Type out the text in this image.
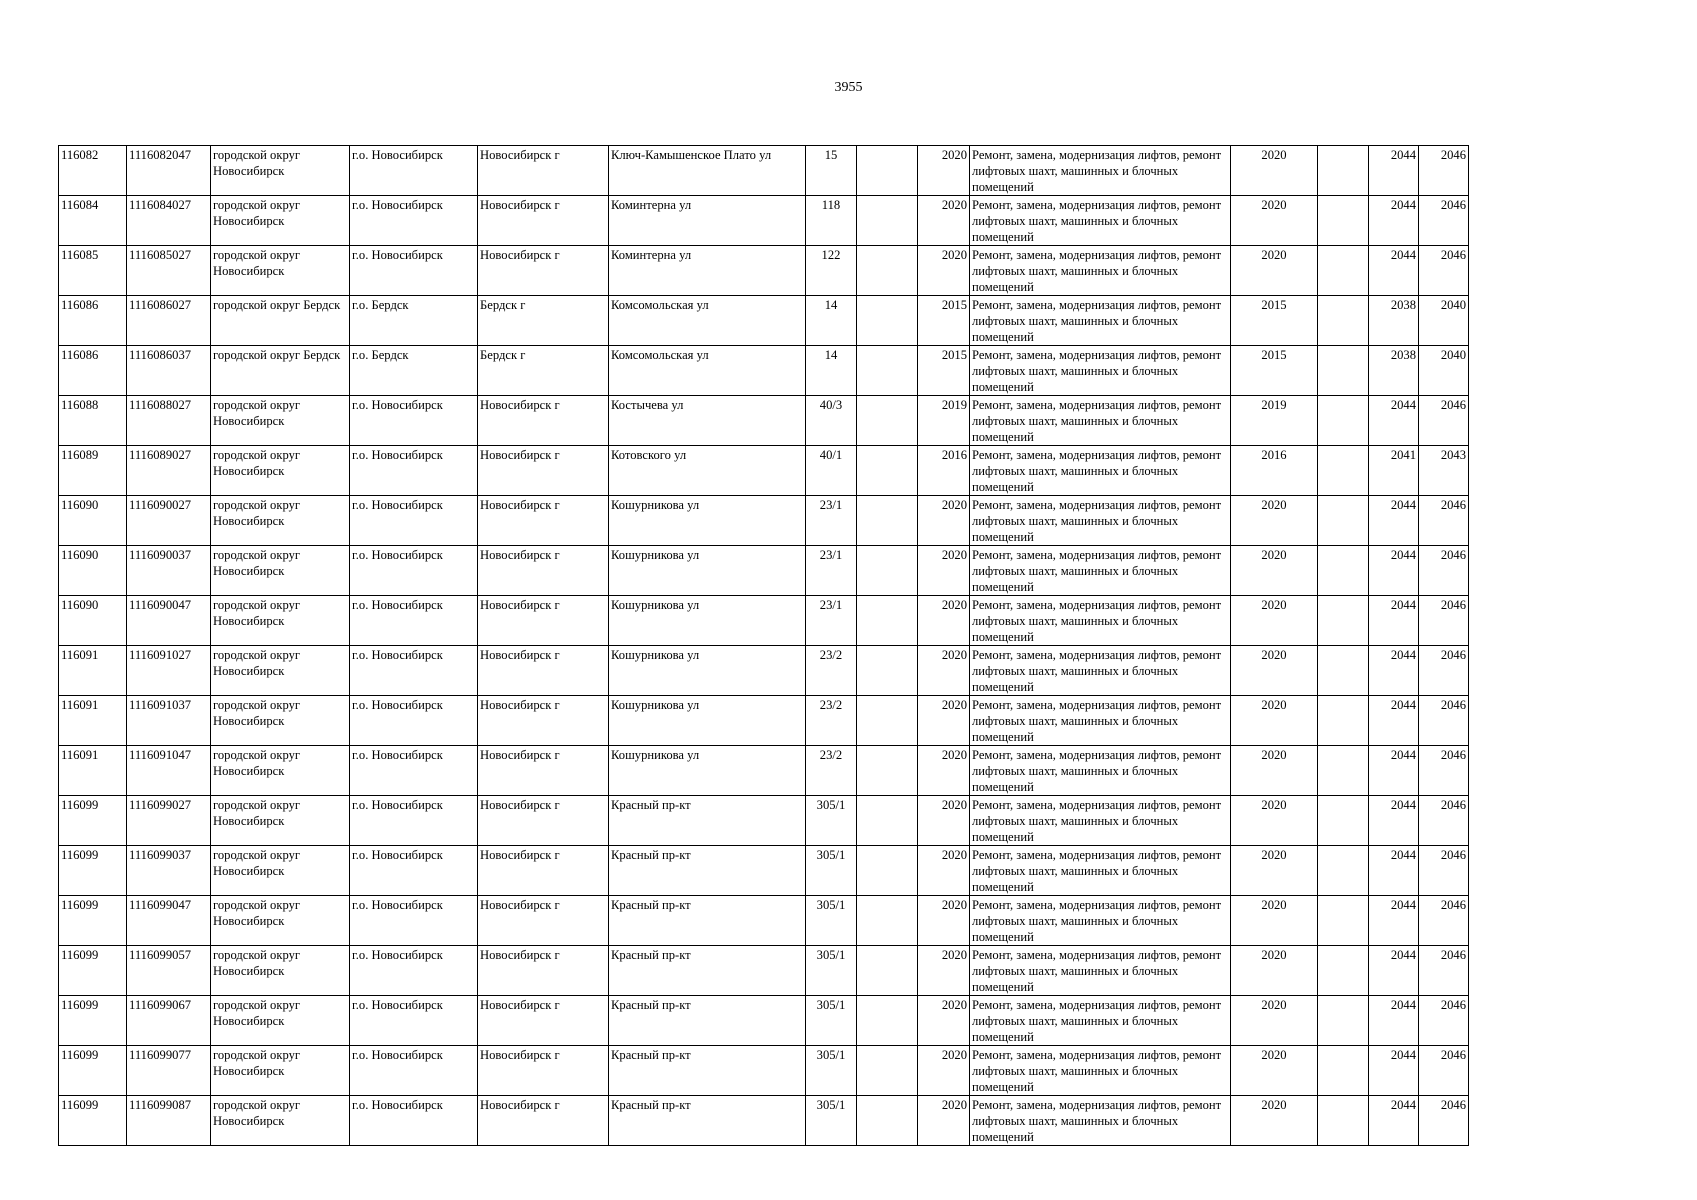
3955
116082	1116082047	городской округ Новосибирск	г.о. Новосибирск	Новосибирск г	Ключ-Камышенское Плато ул	15		2020	Ремонт, замена, модернизация лифтов, ремонт лифтовых шахт, машинных и блочных помещений	2020		2044	2046
116084	1116084027	городской округ Новосибирск	г.о. Новосибирск	Новосибирск г	Коминтерна ул	118		2020	Ремонт, замена, модернизация лифтов, ремонт лифтовых шахт, машинных и блочных помещений	2020		2044	2046
116085	1116085027	городской округ Новосибирск	г.о. Новосибирск	Новосибирск г	Коминтерна ул	122		2020	Ремонт, замена, модернизация лифтов, ремонт лифтовых шахт, машинных и блочных помещений	2020		2044	2046
116086	1116086027	городской округ Бердск	г.о. Бердск	Бердск г	Комсомольская ул	14		2015	Ремонт, замена, модернизация лифтов, ремонт лифтовых шахт, машинных и блочных помещений	2015		2038	2040
116086	1116086037	городской округ Бердск	г.о. Бердск	Бердск г	Комсомольская ул	14		2015	Ремонт, замена, модернизация лифтов, ремонт лифтовых шахт, машинных и блочных помещений	2015		2038	2040
116088	1116088027	городской округ Новосибирск	г.о. Новосибирск	Новосибирск г	Костычева ул	40/3		2019	Ремонт, замена, модернизация лифтов, ремонт лифтовых шахт, машинных и блочных помещений	2019		2044	2046
116089	1116089027	городской округ Новосибирск	г.о. Новосибирск	Новосибирск г	Котовского ул	40/1		2016	Ремонт, замена, модернизация лифтов, ремонт лифтовых шахт, машинных и блочных помещений	2016		2041	2043
116090	1116090027	городской округ Новосибирск	г.о. Новосибирск	Новосибирск г	Кошурникова ул	23/1		2020	Ремонт, замена, модернизация лифтов, ремонт лифтовых шахт, машинных и блочных помещений	2020		2044	2046
116090	1116090037	городской округ Новосибирск	г.о. Новосибирск	Новосибирск г	Кошурникова ул	23/1		2020	Ремонт, замена, модернизация лифтов, ремонт лифтовых шахт, машинных и блочных помещений	2020		2044	2046
116090	1116090047	городской округ Новосибирск	г.о. Новосибирск	Новосибирск г	Кошурникова ул	23/1		2020	Ремонт, замена, модернизация лифтов, ремонт лифтовых шахт, машинных и блочных помещений	2020		2044	2046
116091	1116091027	городской округ Новосибирск	г.о. Новосибирск	Новосибирск г	Кошурникова ул	23/2		2020	Ремонт, замена, модернизация лифтов, ремонт лифтовых шахт, машинных и блочных помещений	2020		2044	2046
116091	1116091037	городской округ Новосибирск	г.о. Новосибирск	Новосибирск г	Кошурникова ул	23/2		2020	Ремонт, замена, модернизация лифтов, ремонт лифтовых шахт, машинных и блочных помещений	2020		2044	2046
116091	1116091047	городской округ Новосибирск	г.о. Новосибирск	Новосибирск г	Кошурникова ул	23/2		2020	Ремонт, замена, модернизация лифтов, ремонт лифтовых шахт, машинных и блочных помещений	2020		2044	2046
116099	1116099027	городской округ Новосибирск	г.о. Новосибирск	Новосибирск г	Красный пр-кт	305/1		2020	Ремонт, замена, модернизация лифтов, ремонт лифтовых шахт, машинных и блочных помещений	2020		2044	2046
116099	1116099037	городской округ Новосибирск	г.о. Новосибирск	Новосибирск г	Красный пр-кт	305/1		2020	Ремонт, замена, модернизация лифтов, ремонт лифтовых шахт, машинных и блочных помещений	2020		2044	2046
116099	1116099047	городской округ Новосибирск	г.о. Новосибирск	Новосибирск г	Красный пр-кт	305/1		2020	Ремонт, замена, модернизация лифтов, ремонт лифтовых шахт, машинных и блочных помещений	2020		2044	2046
116099	1116099057	городской округ Новосибирск	г.о. Новосибирск	Новосибирск г	Красный пр-кт	305/1		2020	Ремонт, замена, модернизация лифтов, ремонт лифтовых шахт, машинных и блочных помещений	2020		2044	2046
116099	1116099067	городской округ Новосибирск	г.о. Новосибирск	Новосибирск г	Красный пр-кт	305/1		2020	Ремонт, замена, модернизация лифтов, ремонт лифтовых шахт, машинных и блочных помещений	2020		2044	2046
116099	1116099077	городской округ Новосибирск	г.о. Новосибирск	Новосибирск г	Красный пр-кт	305/1		2020	Ремонт, замена, модернизация лифтов, ремонт лифтовых шахт, машинных и блочных помещений	2020		2044	2046
116099	1116099087	городской округ Новосибирск	г.о. Новосибирск	Новосибирск г	Красный пр-кт	305/1		2020	Ремонт, замена, модернизация лифтов, ремонт лифтовых шахт, машинных и блочных помещений	2020		2044	2046
